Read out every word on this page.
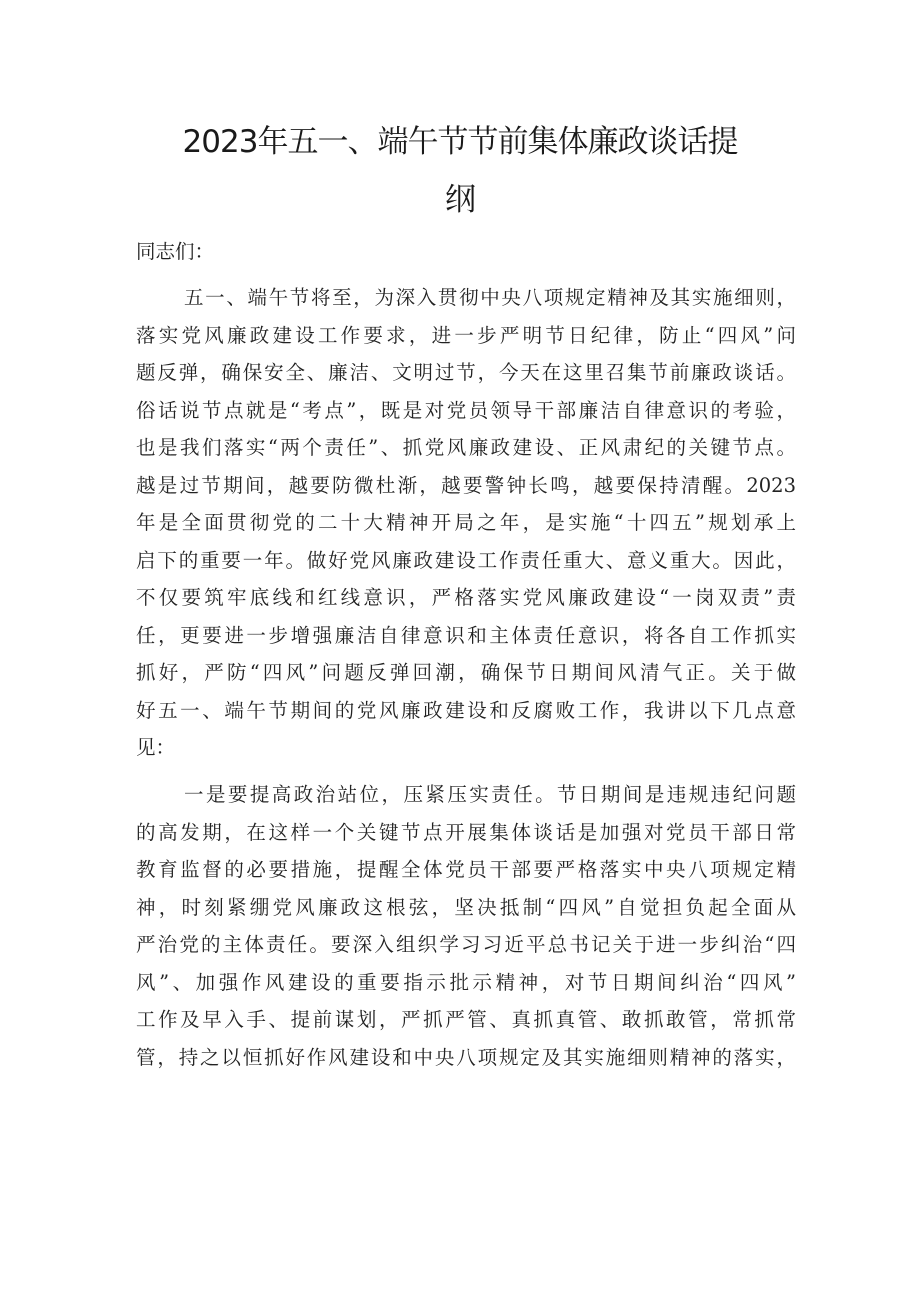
2023年五一、端午节节前集体廉政谈话提
纲
同志们：
五一、端午节将至，为深入贯彻中央八项规定精神及其实施细则，
落实党风廉政建设工作要求，进一步严明节日纪律，防止“四风”问
题反弹，确保安全、廉洁、文明过节，今天在这里召集节前廉政谈话。
俗话说节点就是“考点”，既是对党员领导干部廉洁自律意识的考验，
也是我们落实“两个责任”、抓党风廉政建设、正风肃纪的关键节点。
越是过节期间，越要防微杜渐，越要警钟长鸣，越要保持清醒。2023
年是全面贯彻党的二十大精神开局之年，是实施“十四五”规划承上
启下的重要一年。做好党风廉政建设工作责任重大、意义重大。因此，
不仅要筑牢底线和红线意识，严格落实党风廉政建设“一岗双责”责
任，更要进一步增强廉洁自律意识和主体责任意识，将各自工作抓实
抓好，严防“四风”问题反弹回潮，确保节日期间风清气正。关于做
好五一、端午节期间的党风廉政建设和反腐败工作，我讲以下几点意
见：
一是要提高政治站位，压紧压实责任。节日期间是违规违纪问题
的高发期，在这样一个关键节点开展集体谈话是加强对党员干部日常
教育监督的必要措施，提醒全体党员干部要严格落实中央八项规定精
神，时刻紧绷党风廉政这根弦，坚决抵制“四风”自觉担负起全面从
严治党的主体责任。要深入组织学习习近平总书记关于进一步纠治“四
风”、加强作风建设的重要指示批示精神，对节日期间纠治“四风”
工作及早入手、提前谋划，严抓严管、真抓真管、敢抓敢管，常抓常
管，持之以恒抓好作风建设和中央八项规定及其实施细则精神的落实，
